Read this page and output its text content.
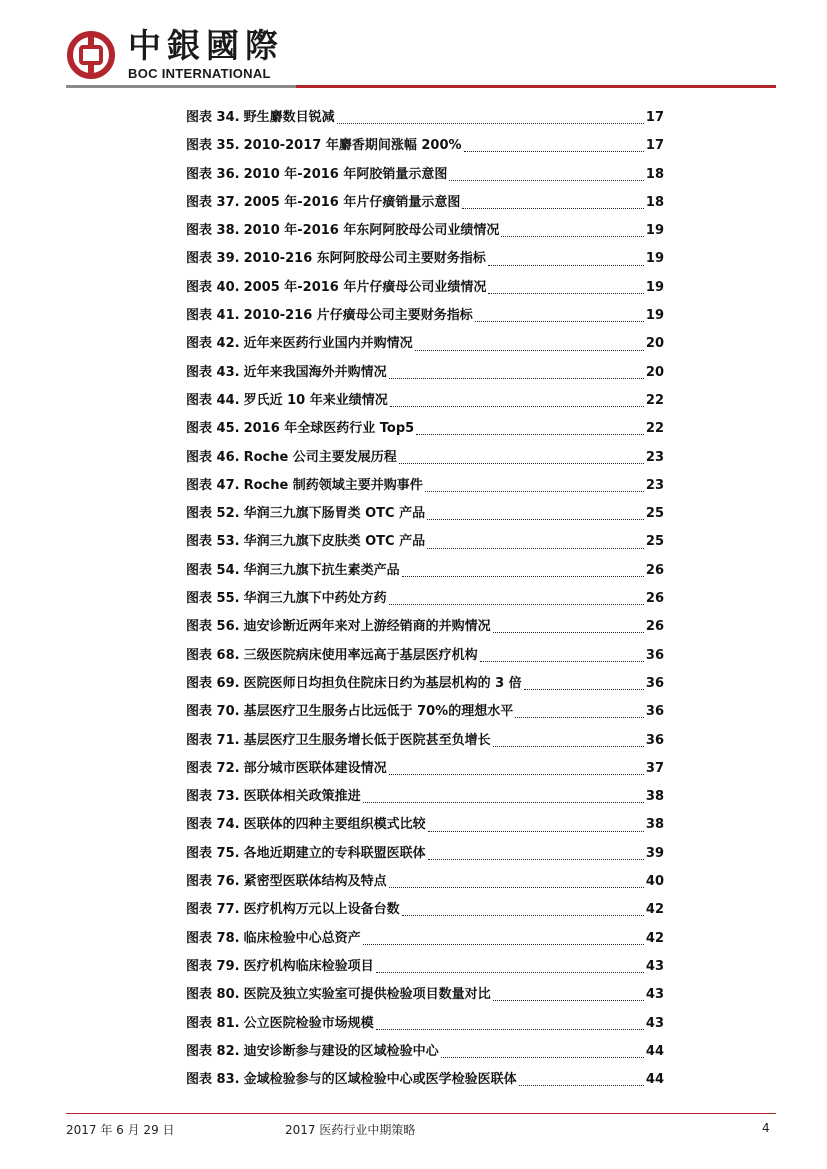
中銀國際
BOC INTERNATIONAL
图表 34. 野生麝数目锐减	17
图表 35. 2010-2017 年麝香期间涨幅 200%	17
图表 36. 2010 年-2016 年阿胶销量示意图	18
图表 37. 2005 年-2016 年片仔癀销量示意图	18
图表 38. 2010 年-2016 年东阿阿胶母公司业绩情况	19
图表 39. 2010-216 东阿阿胶母公司主要财务指标	19
图表 40. 2005 年-2016 年片仔癀母公司业绩情况	19
图表 41. 2010-216 片仔癀母公司主要财务指标	19
图表 42. 近年来医药行业国内并购情况	20
图表 43. 近年来我国海外并购情况	20
图表 44. 罗氏近 10 年来业绩情况	22
图表 45. 2016 年全球医药行业 Top5	22
图表 46. Roche 公司主要发展历程	23
图表 47. Roche 制药领域主要并购事件	23
图表 52. 华润三九旗下肠胃类 OTC 产品	25
图表 53. 华润三九旗下皮肤类 OTC 产品	25
图表 54. 华润三九旗下抗生素类产品	26
图表 55. 华润三九旗下中药处方药	26
图表 56. 迪安诊断近两年来对上游经销商的并购情况	26
图表 68. 三级医院病床使用率远高于基层医疗机构	36
图表 69. 医院医师日均担负住院床日约为基层机构的 3 倍	36
图表 70. 基层医疗卫生服务占比远低于 70%的理想水平	36
图表 71. 基层医疗卫生服务增长低于医院甚至负增长	36
图表 72. 部分城市医联体建设情况	37
图表 73. 医联体相关政策推进	38
图表 74. 医联体的四种主要组织模式比较	38
图表 75. 各地近期建立的专科联盟医联体	39
图表 76. 紧密型医联体结构及特点	40
图表 77. 医疗机构万元以上设备台数	42
图表 78. 临床检验中心总资产	42
图表 79. 医疗机构临床检验项目	43
图表 80. 医院及独立实验室可提供检验项目数量对比	43
图表 81. 公立医院检验市场规模	43
图表 82. 迪安诊断参与建设的区域检验中心	44
图表 83. 金域检验参与的区域检验中心或医学检验医联体	44
2017 年 6 月 29 日	2017 医药行业中期策略	4
